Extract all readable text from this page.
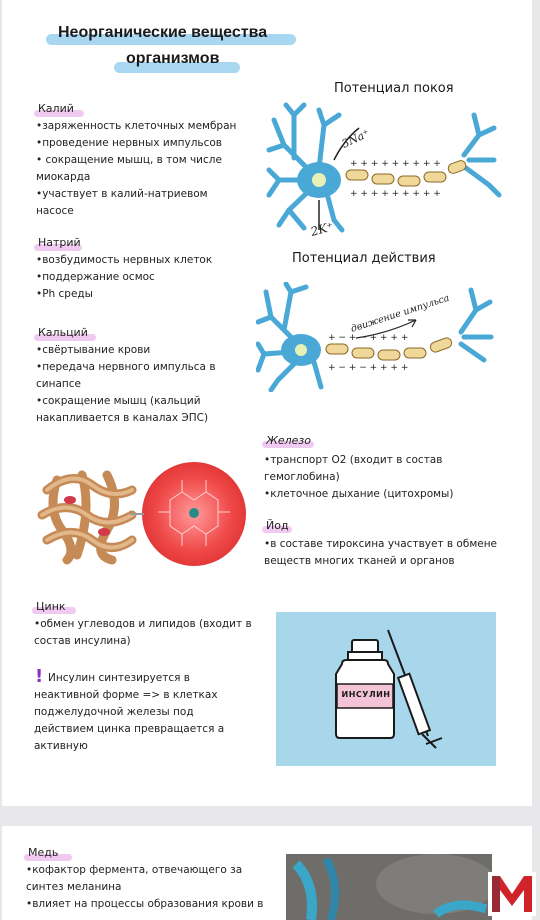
Неорганические вещества
организмов
Калий
•заряженность клеточных мембран
•проведение нервных импульсов
• сокращение мышц, в том числе миокарда
•участвует в калий-натриевом насосе
Натрий
•возбудимость нервных клеток
•поддержание осмос
•Ph среды
Кальций
•свёртывание крови
•передача нервного импульса в синапсе
•сокращение мышц (кальций накапливается в каналах ЭПС)
Потенциал покоя
Потенциал действия
+ + + + + + + + +
+ + + + + + + + +
3Na⁺
2K⁺
+ − + − + + + +
+ − + − + + + +
движение импульса
Железо
•транспорт О2 (входит в состав гемоглобина)
•клеточное дыхание (цитохромы)
Йод
•в составе тироксина участвует в обмене веществ многих тканей и органов
Цинк
•обмен углеводов и липидов (входит в состав инсулина)
! Инсулин синтезируется в неактивной форме => в клетках поджелудочной железы под действием цинка превращается а активную
ИНСУЛИН
Медь
•кофактор фермента, отвечающего за синтез меланина
•влияет на процессы образования крови в
